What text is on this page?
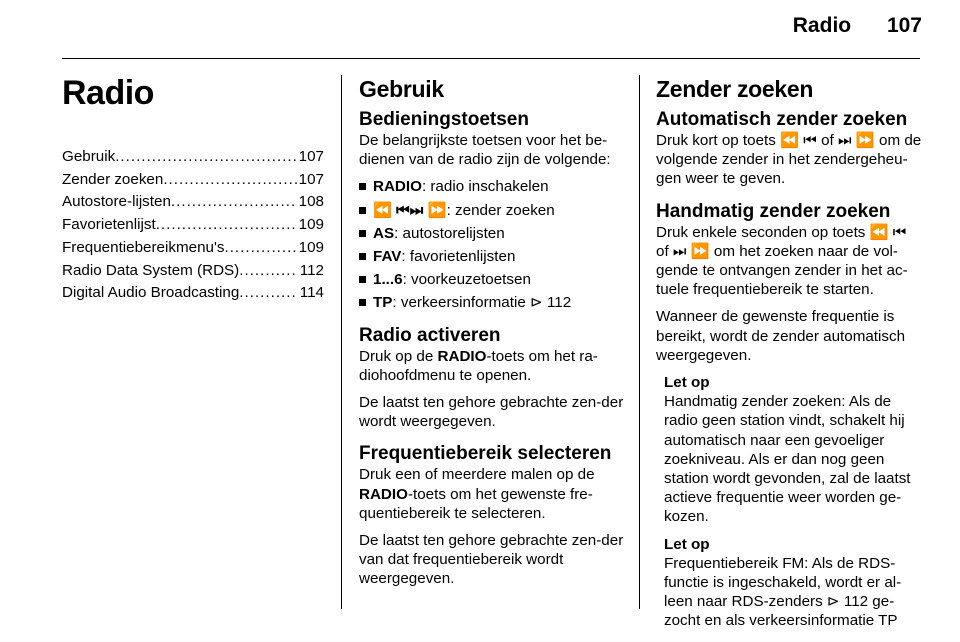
Radio 107
Radio
Gebruik .....	107
Zender zoeken .....	107
Autostore-lijsten .....	108
Favorietenlijst .....	109
Frequentiebereikmenu's .....	109
Radio Data System (RDS) .....	112
Digital Audio Broadcasting .....	114
Gebruik
Bedieningstoetsen

De belangrijkste toetsen voor het be-dienen van de radio zijn de volgende:

RADIO: radio inschakelen
⏪ ⏮⏭ ⏩: zender zoeken
AS: autostorelijsten
FAV: favorietenlijsten
1...6: voorkeuzetoetsen
TP: verkeersinformatie ⊳ 112
Radio activeren

Druk op de RADIO-toets om het ra-diohoofdmenu te openen.

De laatst ten gehore gebrachte zen-der wordt weergegeven.

Frequentiebereik selecteren

Druk een of meerdere malen op de RADIO-toets om het gewenste fre-quentiebereik te selecteren.

De laatst ten gehore gebrachte zen-der van dat frequentiebereik wordt weergegeven.

Zender zoeken
Automatisch zender zoeken

Druk kort op toets ⏪ ⏮ of ⏭ ⏩ om de volgende zender in het zendergeheu-gen weer te geven.

Handmatig zender zoeken

Druk enkele seconden op toets ⏪ ⏮ of ⏭ ⏩ om het zoeken naar de vol-gende te ontvangen zender in het ac-tuele frequentiebereik te starten.

Wanneer de gewenste frequentie is bereikt, wordt de zender automatisch weergegeven.

Let op

Handmatig zender zoeken: Als de radio geen station vindt, schakelt hij automatisch naar een gevoeliger zoekniveau. Als er dan nog geen station wordt gevonden, zal de laatst actieve frequentie weer worden ge-kozen.

Let op

Frequentiebereik FM: Als de RDS-functie is ingeschakeld, wordt er al-leen naar RDS-zenders ⊳ 112 ge-zocht en als verkeersinformatie TP
